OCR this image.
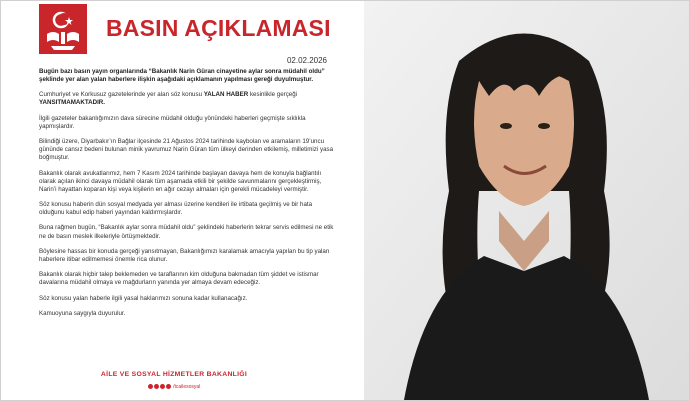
BASIN AÇIKLAMASI
02.02.2026

Bugün bazı basın yayın organlarında “Bakanlık Narin Güran cinayetine aylar sonra müdahil oldu” şeklinde yer alan yalan haberlere ilişkin aşağıdaki açıklamanın yapılması gereği duyulmuştur.

Cumhuriyet ve Korkusuz gazetelerinde yer alan söz konusu YALAN HABER kesinlikle gerçeği YANSITMAMAKTADIR.

İlgili gazeteler bakanlığımızın dava sürecine müdahil olduğu yönündeki haberleri geçmişte sıklıkla yapmışlardır.

Bilindiği üzere, Diyarbakır’ın Bağlar ilçesinde 21 Ağustos 2024 tarihinde kaybolan ve aramaların 19’uncu gününde cansız bedeni bulunan minik yavrumuz Narin Güran tüm ülkeyi derinden etkilemiş, milletimizi yasa boğmuştur.

Bakanlık olarak avukatlarımız, hem 7 Kasım 2024 tarihinde başlayan davaya hem de konuyla bağlantılı olarak açılan ikinci davaya müdahil olarak tüm aşamada etkili bir şekilde savunmalarını gerçekleştirmiş, Narin’i hayattan koparan kişi veya kişilerin en ağır cezayı almaları için gerekli mücadeleyi vermiştir.

Söz konusu haberin dün sosyal medyada yer alması üzerine kendileri ile irtibata geçilmiş ve bir hata olduğunu kabul edip haberi yayından kaldırmışlardır.

Buna rağmen bugün, “Bakanlık aylar sonra müdahil oldu” şeklindeki haberlerin tekrar servis edilmesi ne etik ne de basın meslek ilkeleriyle örtüşmektedir.

Böylesine hassas bir konuda gerçeği yansıtmayan, Bakanlığımızı karalamak amacıyla yapılan bu tip yalan haberlere itibar edilmemesi önemle rica olunur.

Bakanlık olarak hiçbir talep beklemeden ve taraflarının kim olduğuna bakmadan tüm şiddet ve istismar davalarına müdahil olmaya ve mağdurların yanında yer almaya devam edeceğiz.

Söz konusu yalan haberle ilgili yasal haklarımızı sonuna kadar kullanacağız.

Kamuoyuna saygıyla duyurulur.

AİLE VE SOSYAL HİZMETLER BAKANLIĞI
/tcailesosyal
